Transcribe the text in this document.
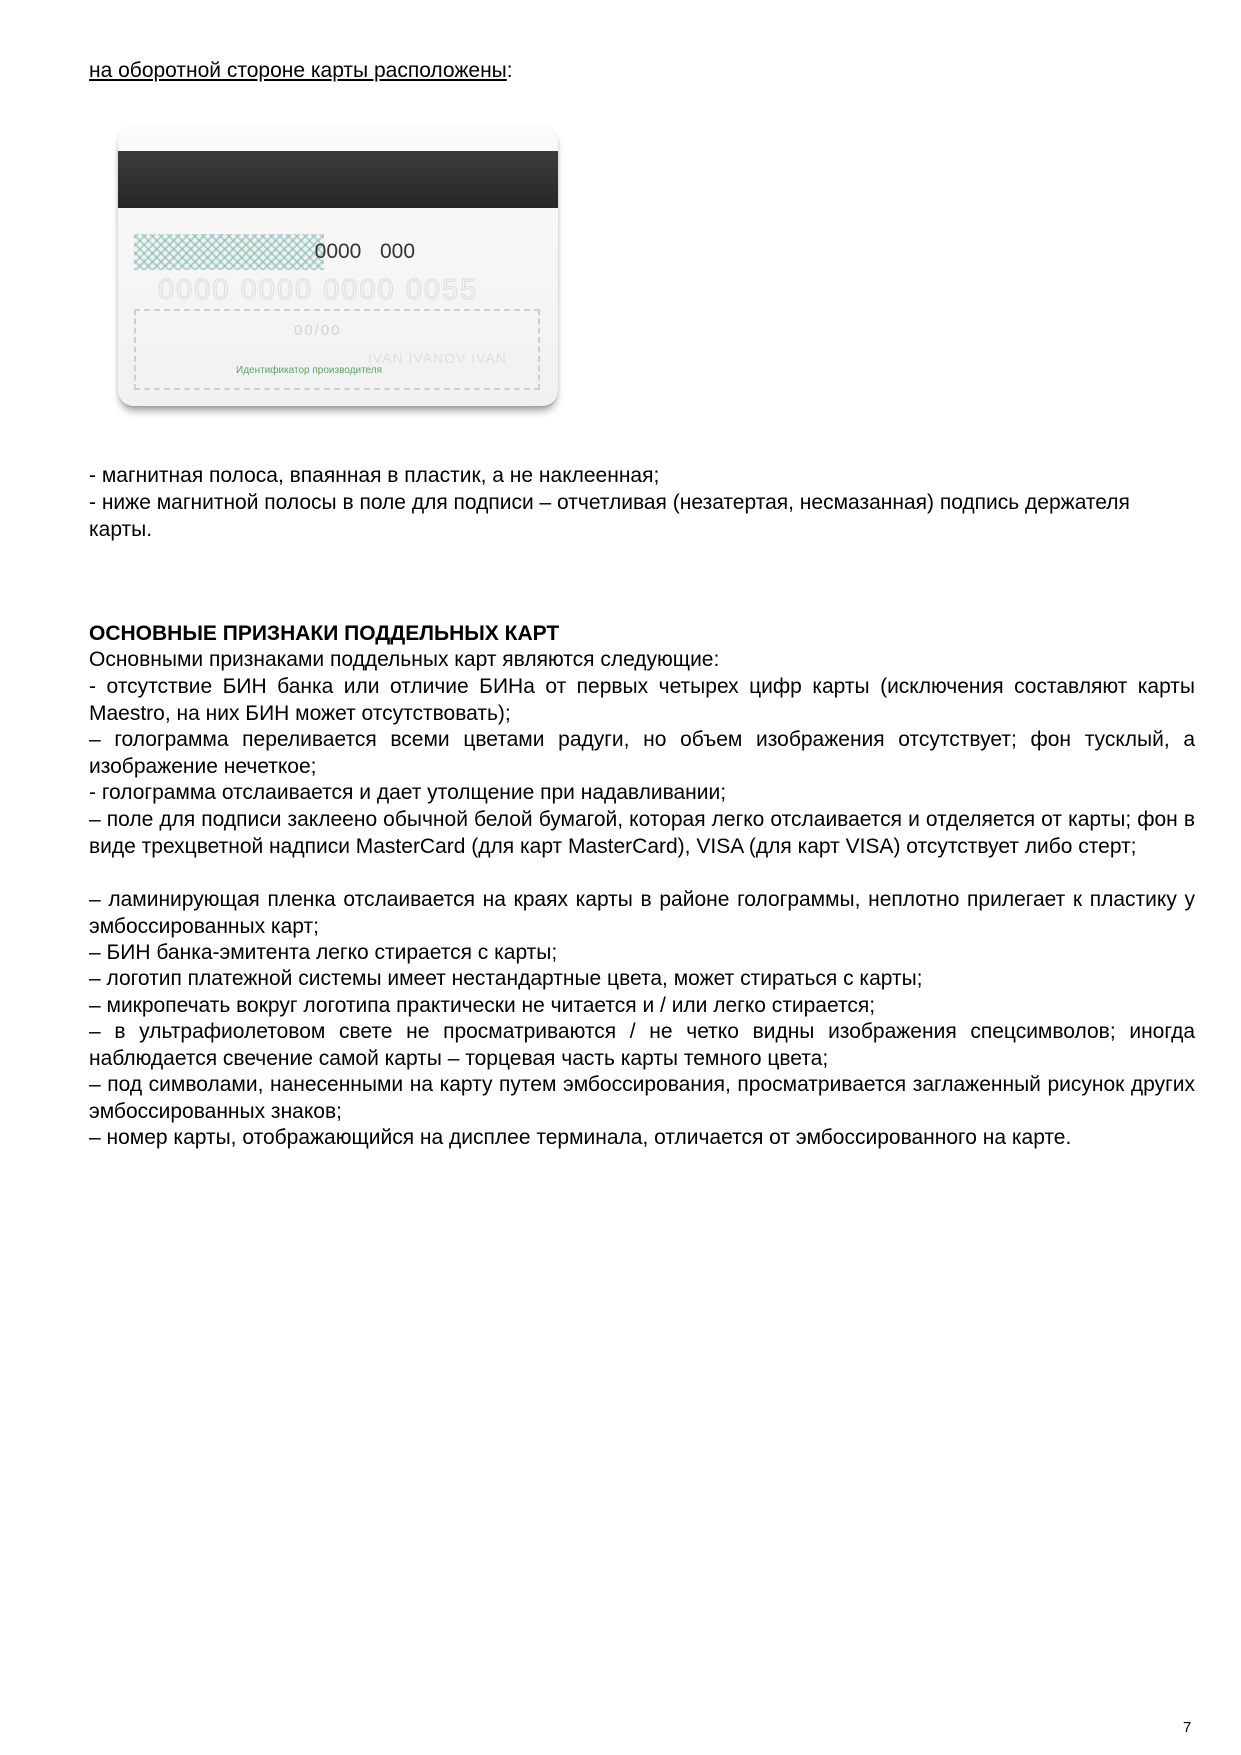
на оборотной стороне карты расположены:
0000 000
0000 0000 0000 0055
00/00
IVAN IVANOV IVAN
Идентификатор производителя
- магнитная полоса, впаянная в пластик, а не наклеенная;
- ниже магнитной полосы в поле для подписи – отчетливая (незатертая, несмазанная) подпись держателя карты.
ОСНОВНЫЕ ПРИЗНАКИ ПОДДЕЛЬНЫХ КАРТ
Основными признаками поддельных карт являются следующие:
- отсутствие БИН банка или отличие БИНа от первых четырех цифр карты (исключения составляют карты Maestro, на них БИН может отсутствовать);
– голограмма переливается всеми цветами радуги, но объем изображения отсутствует; фон тусклый, а изображение нечеткое;
- голограмма отслаивается и дает утолщение при надавливании;
– поле для подписи заклеено обычной белой бумагой, которая легко отслаивается и отделяется от карты; фон в виде трехцветной надписи MasterCard (для карт MasterCard), VISA (для карт VISA) отсутствует либо стерт;
– ламинирующая пленка отслаивается на краях карты в районе голограммы, неплотно прилегает к пластику у эмбоссированных карт;
– БИН банка-эмитента легко стирается с карты;
– логотип платежной системы имеет нестандартные цвета, может стираться с карты;
– микропечать вокруг логотипа практически не читается и / или легко стирается;
– в ультрафиолетовом свете не просматриваются / не четко видны изображения спецсимволов; иногда наблюдается свечение самой карты – торцевая часть карты темного цвета;
– под символами, нанесенными на карту путем эмбоссирования, просматривается заглаженный рисунок других эмбоссированных знаков;
– номер карты, отображающийся на дисплее терминала, отличается от эмбоссированного на карте.
7
